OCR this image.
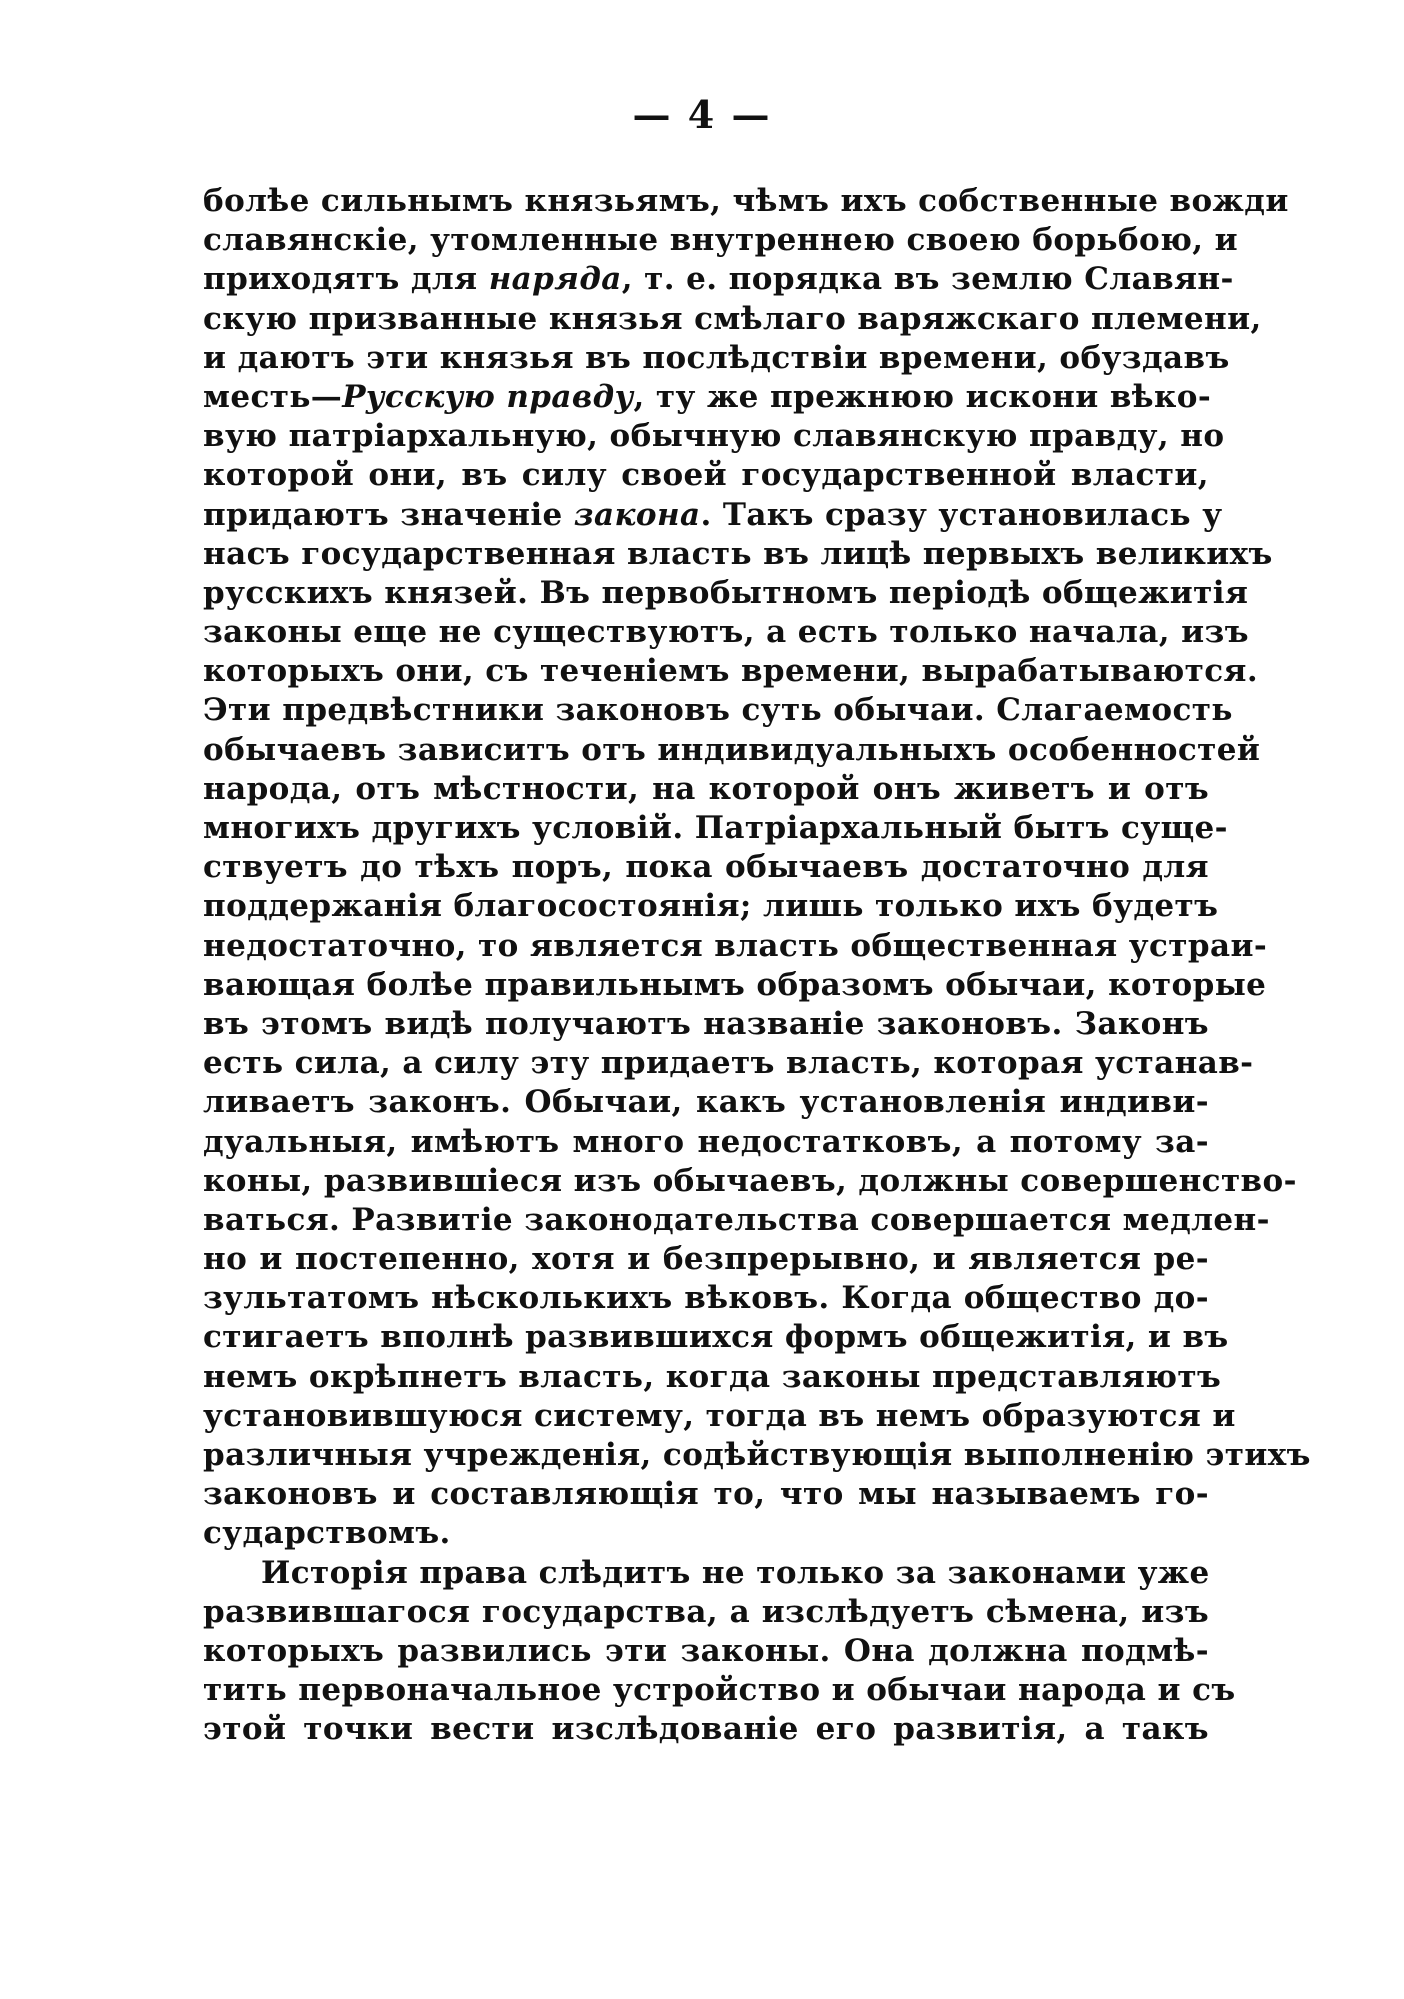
— 4 —
болѣе сильнымъ князьямъ, чѣмъ ихъ собственные вожди
славянскіе, утомленные внутреннею своею борьбою, и
приходятъ для наряда, т. е. порядка въ землю Славян-
скую призванные князья смѣлаго варяжскаго племени,
и даютъ эти князья въ послѣдствіи времени, обуздавъ
месть—Русскую правду, ту же прежнюю искони вѣко-
вую патріархальную, обычную славянскую правду, но
которой они, въ силу своей государственной власти,
придаютъ значеніе закона. Такъ сразу установилась у
насъ государственная власть въ лицѣ первыхъ великихъ
русскихъ князей. Въ первобытномъ періодѣ общежитія
законы еще не существуютъ, а есть только начала, изъ
которыхъ они, съ теченіемъ времени, вырабатываются.
Эти предвѣстники законовъ суть обычаи. Слагаемость
обычаевъ зависитъ отъ индивидуальныхъ особенностей
народа, отъ мѣстности, на которой онъ живетъ и отъ
многихъ другихъ условій. Патріархальный бытъ суще-
ствуетъ до тѣхъ поръ, пока обычаевъ достаточно для
поддержанія благосостоянія; лишь только ихъ будетъ
недостаточно, то является власть общественная устраи-
вающая болѣе правильнымъ образомъ обычаи, которые
въ этомъ видѣ получаютъ названіе законовъ. Законъ
есть сила, а силу эту придаетъ власть, которая устанав-
ливаетъ законъ. Обычаи, какъ установленія индиви-
дуальныя, имѣютъ много недостатковъ, а потому за-
коны, развившіеся изъ обычаевъ, должны совершенство-
ваться. Развитіе законодательства совершается медлен-
но и постепенно, хотя и безпрерывно, и является ре-
зультатомъ нѣсколькихъ вѣковъ. Когда общество до-
стигаетъ вполнѣ развившихся формъ общежитія, и въ
немъ окрѣпнетъ власть, когда законы представляютъ
установившуюся систему, тогда въ немъ образуются и
различныя учрежденія, содѣйствующія выполненію этихъ
законовъ и составляющія то, что мы называемъ го-
сударствомъ.
Исторія права слѣдитъ не только за законами уже
развившагося государства, а изслѣдуетъ сѣмена, изъ
которыхъ развились эти законы. Она должна подмѣ-
тить первоначальное устройство и обычаи народа и съ
этой точки вести изслѣдованіе его развитія, а такъ
